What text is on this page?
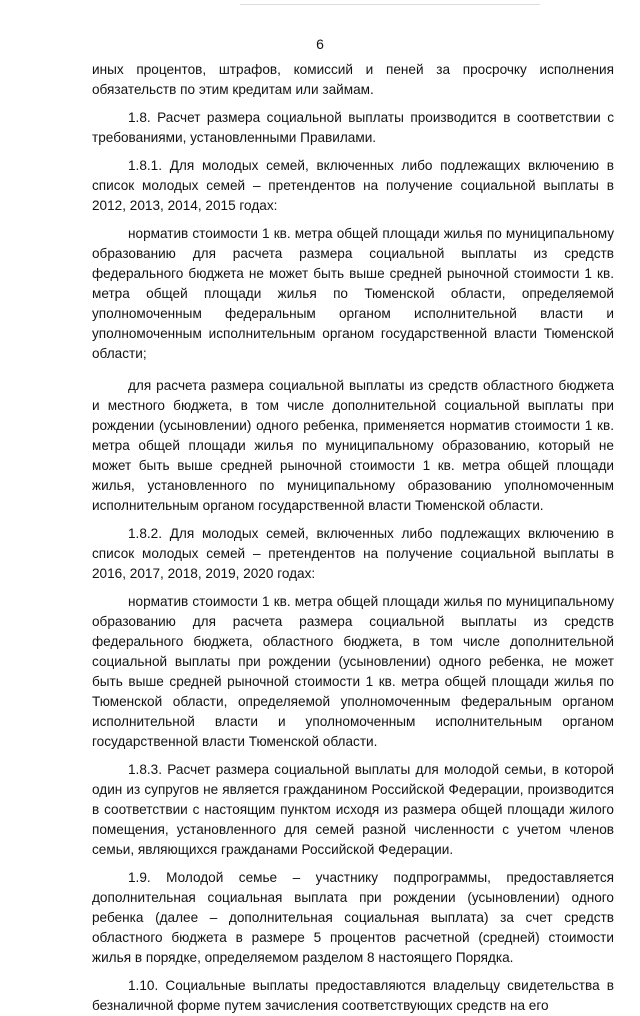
6

иных процентов, штрафов, комиссий и пеней за просрочку исполнения обязательств по этим кредитам или займам.

1.8. Расчет размера социальной выплаты производится в соответствии с требованиями, установленными Правилами.

1.8.1. Для молодых семей, включенных либо подлежащих включению в список молодых семей – претендентов на получение социальной выплаты в 2012, 2013, 2014, 2015 годах:

норматив стоимости 1 кв. метра общей площади жилья по муниципальному образованию для расчета размера социальной выплаты из средств федерального бюджета не может быть выше средней рыночной стоимости 1 кв. метра общей площади жилья по Тюменской области, определяемой уполномоченным федеральным органом исполнительной власти и уполномоченным исполнительным органом государственной власти Тюменской области;

для расчета размера социальной выплаты из средств областного бюджета и местного бюджета, в том числе дополнительной социальной выплаты при рождении (усыновлении) одного ребенка, применяется норматив стоимости 1 кв. метра общей площади жилья по муниципальному образованию, который не может быть выше средней рыночной стоимости 1 кв. метра общей площади жилья, установленного по муниципальному образованию уполномоченным исполнительным органом государственной власти Тюменской области.

1.8.2. Для молодых семей, включенных либо подлежащих включению в список молодых семей – претендентов на получение социальной выплаты в 2016, 2017, 2018, 2019, 2020 годах:

норматив стоимости 1 кв. метра общей площади жилья по муниципальному образованию для расчета размера социальной выплаты из средств федерального бюджета, областного бюджета, в том числе дополнительной социальной выплаты при рождении (усыновлении) одного ребенка, не может быть выше средней рыночной стоимости 1 кв. метра общей площади жилья по Тюменской области, определяемой уполномоченным федеральным органом исполнительной власти и уполномоченным исполнительным органом государственной власти Тюменской области.

1.8.3. Расчет размера социальной выплаты для молодой семьи, в которой один из супругов не является гражданином Российской Федерации, производится в соответствии с настоящим пунктом исходя из размера общей площади жилого помещения, установленного для семей разной численности с учетом членов семьи, являющихся гражданами Российской Федерации.

1.9. Молодой семье – участнику подпрограммы, предоставляется дополнительная социальная выплата при рождении (усыновлении) одного ребенка (далее – дополнительная социальная выплата) за счет средств областного бюджета в размере 5 процентов расчетной (средней) стоимости жилья в порядке, определяемом разделом 8 настоящего Порядка.

1.10. Социальные выплаты предоставляются владельцу свидетельства в безналичной форме путем зачисления соответствующих средств на его
